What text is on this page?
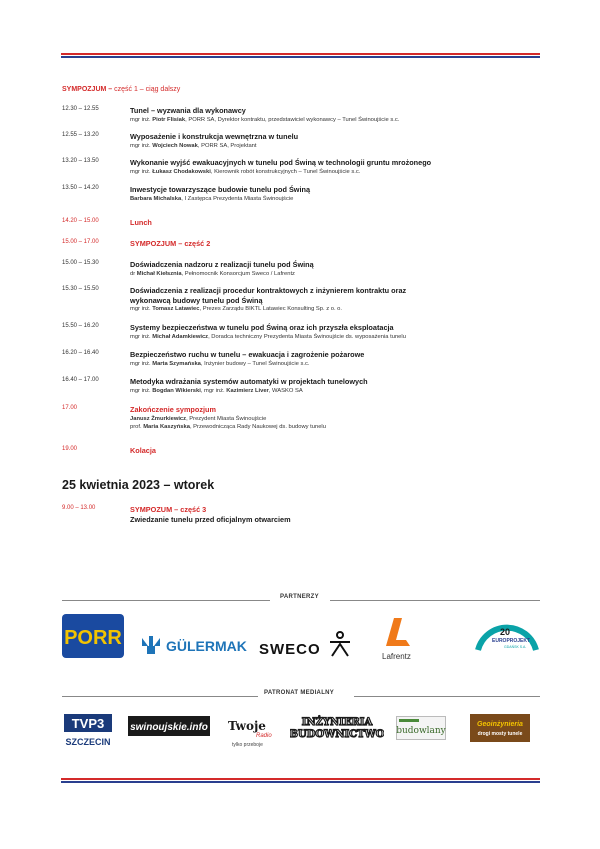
SYMPOZJUM – część 1 – ciąg dalszy
12.30 – 12.55	Tunel – wyzwania dla wykonawcy
mgr inż. Piotr Flisiak, PORR SA, Dyrektor kontraktu, przedstawiciel wykonawcy – Tunel Świnoujście s.c.
12.55 – 13.20	Wyposażenie i konstrukcja wewnętrzna w tunelu
mgr inż. Wojciech Nowak, PORR SA, Projektant
13.20 – 13.50	Wykonanie wyjść ewakuacyjnych w tunelu pod Świną w technologii gruntu mrożonego
mgr inż. Łukasz Chodakowski, Kierownik robót konstrukcyjnych – Tunel Świnoujście s.c.
13.50 – 14.20	Inwestycje towarzyszące budowie tunelu pod Świną
Barbara Michalska, I Zastępca Prezydenta Miasta Świnoujście
14.20 – 15.00	Lunch
15.00 – 17.00	SYMPOZJUM – część 2
15.00 – 15.30	Doświadczenia nadzoru z realizacji tunelu pod Świną
dr Michał Kiełsznia, Pełnomocnik Konsorcjum Sweco / Lafrentz
15.30 – 15.50	Doświadczenia z realizacji procedur kontraktowych z inżynierem kontraktu oraz
wykonawcą budowy tunelu pod Świną
mgr inż. Tomasz Latawiec, Prezes Zarządu BIKTL Latawiec Konsulting Sp. z o. o.
15.50 – 16.20	Systemy bezpieczeństwa w tunelu pod Świną oraz ich przyszła eksploatacja
mgr inż. Michał Adamkiewicz, Doradca techniczny Prezydenta Miasta Świnoujście ds. wyposażenia tunelu
16.20 – 16.40	Bezpieczeństwo ruchu w tunelu – ewakuacja i zagrożenie pożarowe
mgr inż. Marta Szymańska, Inżynier budowy – Tunel Świnoujście s.c.
16.40 – 17.00	Metodyka wdrażania systemów automatyki w projektach tunelowych
mgr inż. Bogdan Wikierski, mgr inż. Kazimierz Liver, WASKO SA
17.00	Zakończenie sympozjum
Janusz Żmurkiewicz, Prezydent Miasta Świnoujście
prof. Maria Kaszyńska, Przewodnicząca Rady Naukowej ds. budowy tunelu
19.00	Kolacja
25 kwietnia 2023 – wtorek
9.00 – 13.00	SYMPOZUM – część 3
Zwiedzanie tunelu przed oficjalnym otwarciem
PARTNERZY
PORR	GÜLERMAK SWECO	Lafrentz
20
EUROPROJEKT
GDAŃSK S.A.
PATRONAT MEDIALNY
TVP3
SZCZECIN
swinoujskie.info Twoje
Radio
tylko przeboje
INŻYNIERIA
BUDOWNICTWO budowlany
Geoinżynieria
drogi mosty tunele
